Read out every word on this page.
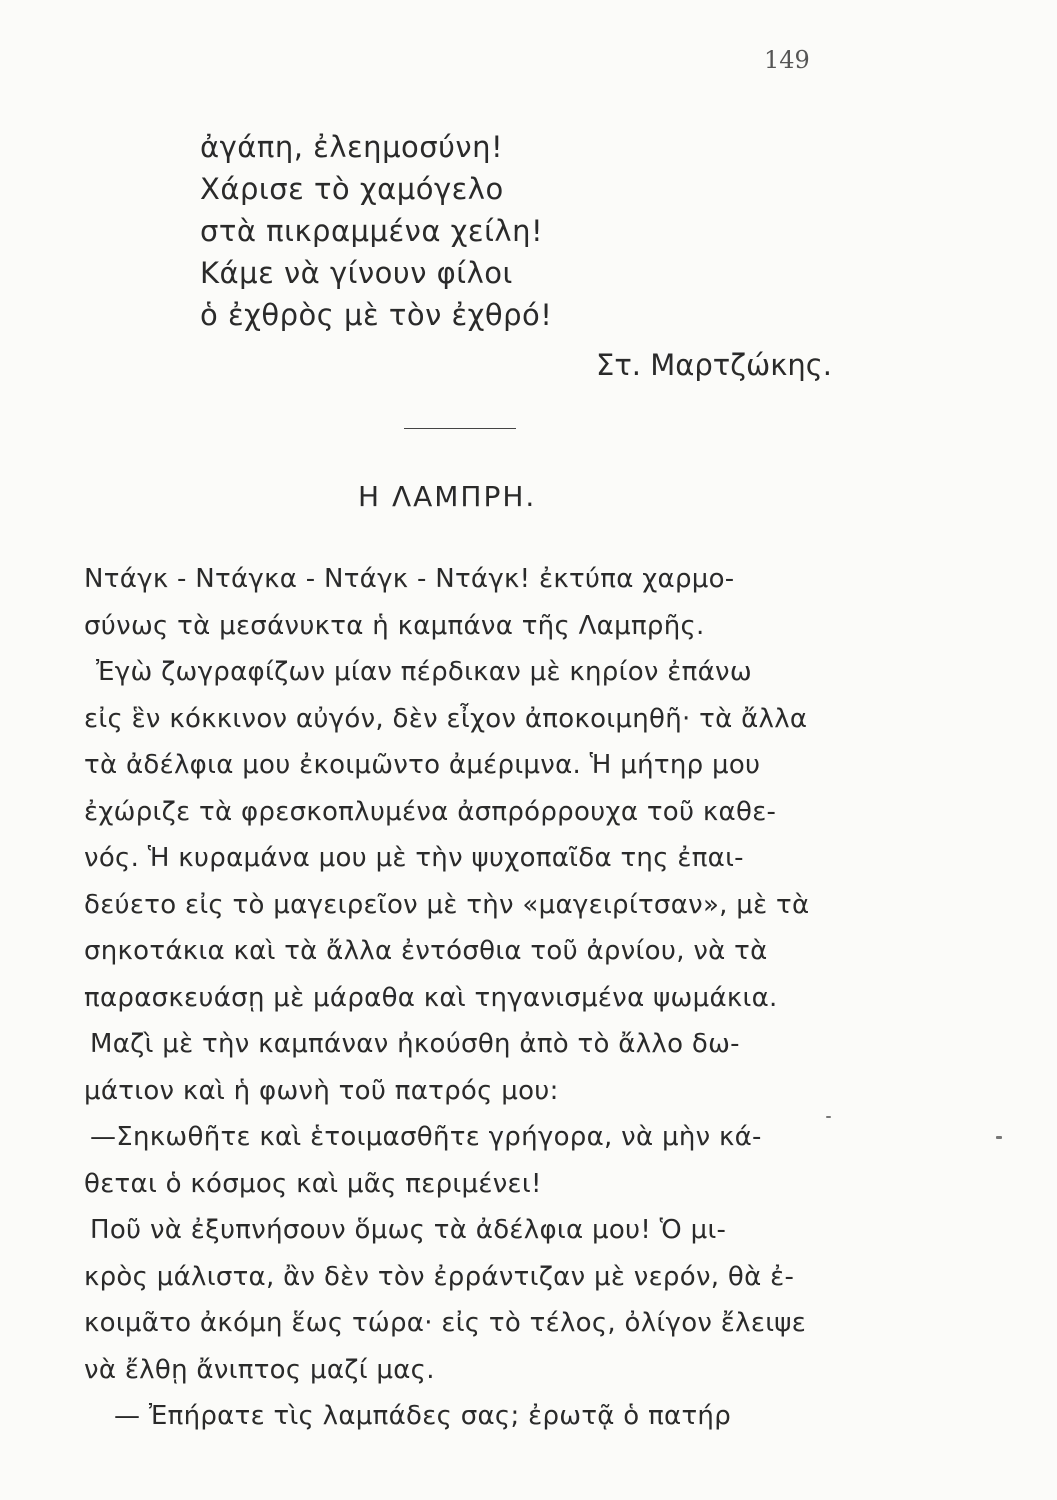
149
ἀγάπη, ἐλεημοσύνη!
Χάρισε τὸ χαμόγελο
στὰ πικραμμένα χείλη!
Κάμε νὰ γίνουν φίλοι
ὁ ἐχθρὸς μὲ τὸν ἐχθρό!
Στ. Μαρτζώκης.
Η ΛΑΜΠΡΗ.
Ντάγκ - Ντάγκα - Ντάγκ - Ντάγκ! ἐκτύπα χαρμο-
σύνως τὰ μεσάνυκτα ἡ καμπάνα τῆς Λαμπρῆς.
Ἐγὼ ζωγραφίζων μίαν πέρδικαν μὲ κηρίον ἐπάνω
εἰς ἓν κόκκινον αὐγόν, δὲν εἶχον ἀποκοιμηθῆ· τὰ ἄλλα
τὰ ἀδέλφια μου ἐκοιμῶντο ἀμέριμνα. Ἡ μήτηρ μου
ἐχώριζε τὰ φρεσκοπλυμένα ἀσπρόρρουχα τοῦ καθε-
νός. Ἡ κυραμάνα μου μὲ τὴν ψυχοπαῖδα της ἐπαι-
δεύετο εἰς τὸ μαγειρεῖον μὲ τὴν «μαγειρίτσαν», μὲ τὰ
σηκοτάκια καὶ τὰ ἄλλα ἐντόσθια τοῦ ἀρνίου, νὰ τὰ
παρασκευάσῃ μὲ μάραθα καὶ τηγανισμένα ψωμάκια.
Μαζὶ μὲ τὴν καμπάναν ἠκούσθη ἀπὸ τὸ ἄλλο δω-
μάτιον καὶ ἡ φωνὴ τοῦ πατρός μου:
—Σηκωθῆτε καὶ ἑτοιμασθῆτε γρήγορα, νὰ μὴν κά-
θεται ὁ κόσμος καὶ μᾶς περιμένει!
Ποῦ νὰ ἐξυπνήσουν ὅμως τὰ ἀδέλφια μου! Ὁ μι-
κρὸς μάλιστα, ἂν δὲν τὸν ἐρράντιζαν μὲ νερόν, θὰ ἐ-
κοιμᾶτο ἀκόμη ἕως τώρα· εἰς τὸ τέλος, ὀλίγον ἔλειψε
νὰ ἔλθῃ ἄνιπτος μαζί μας.
— Ἐπήρατε τὶς λαμπάδες σας; ἐρωτᾷ ὁ πατήρ
